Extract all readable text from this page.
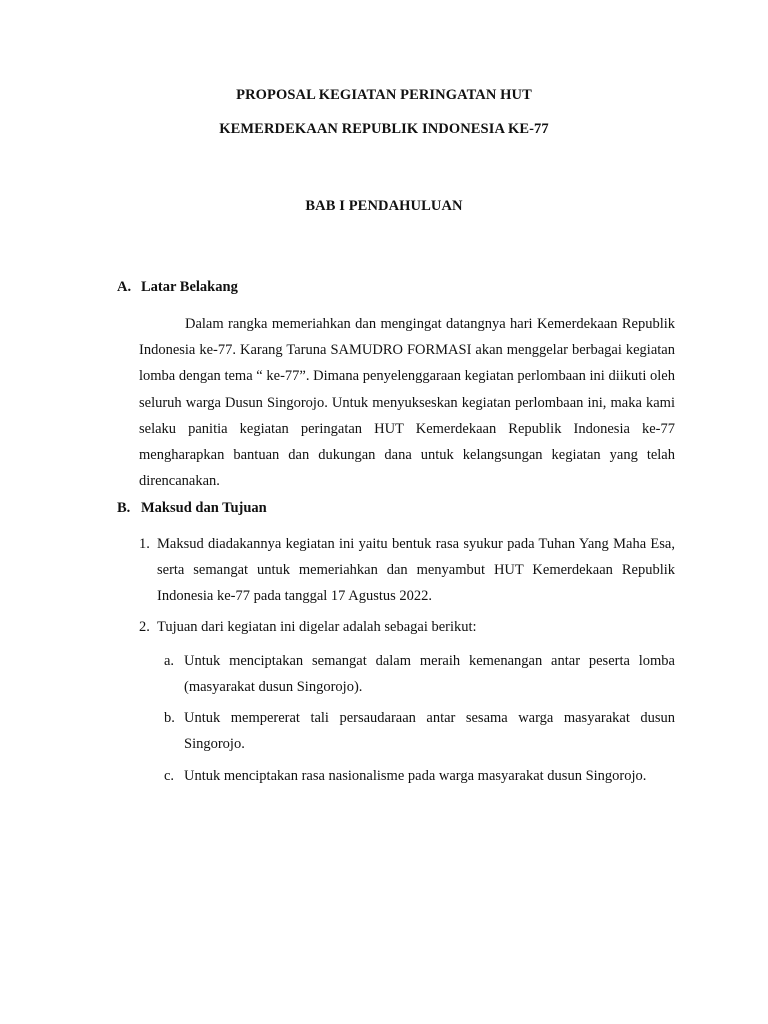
PROPOSAL KEGIATAN PERINGATAN HUT
KEMERDEKAAN REPUBLIK INDONESIA KE-77
BAB I PENDAHULUAN
A. Latar Belakang

Dalam rangka memeriahkan dan mengingat datangnya hari Kemerdekaan Republik Indonesia ke-77. Karang Taruna SAMUDRO FORMASI akan menggelar berbagai kegiatan lomba dengan tema “ ke-77”. Dimana penyelenggaraan kegiatan perlombaan ini diikuti oleh seluruh warga Dusun Singorojo. Untuk menyukseskan kegiatan perlombaan ini, maka kami selaku panitia kegiatan peringatan HUT Kemerdekaan Republik Indonesia ke-77 mengharapkan bantuan dan dukungan dana untuk kelangsungan kegiatan yang telah direncanakan.

B. Maksud dan Tujuan
1. Maksud diadakannya kegiatan ini yaitu bentuk rasa syukur pada Tuhan Yang Maha Esa, serta semangat untuk memeriahkan dan menyambut HUT Kemerdekaan Republik Indonesia ke-77 pada tanggal 17 Agustus 2022.
2. Tujuan dari kegiatan ini digelar adalah sebagai berikut:
a. Untuk menciptakan semangat dalam meraih kemenangan antar peserta lomba (masyarakat dusun Singorojo).
b. Untuk mempererat tali persaudaraan antar sesama warga masyarakat dusun Singorojo.
c. Untuk menciptakan rasa nasionalisme pada warga masyarakat dusun Singorojo.
